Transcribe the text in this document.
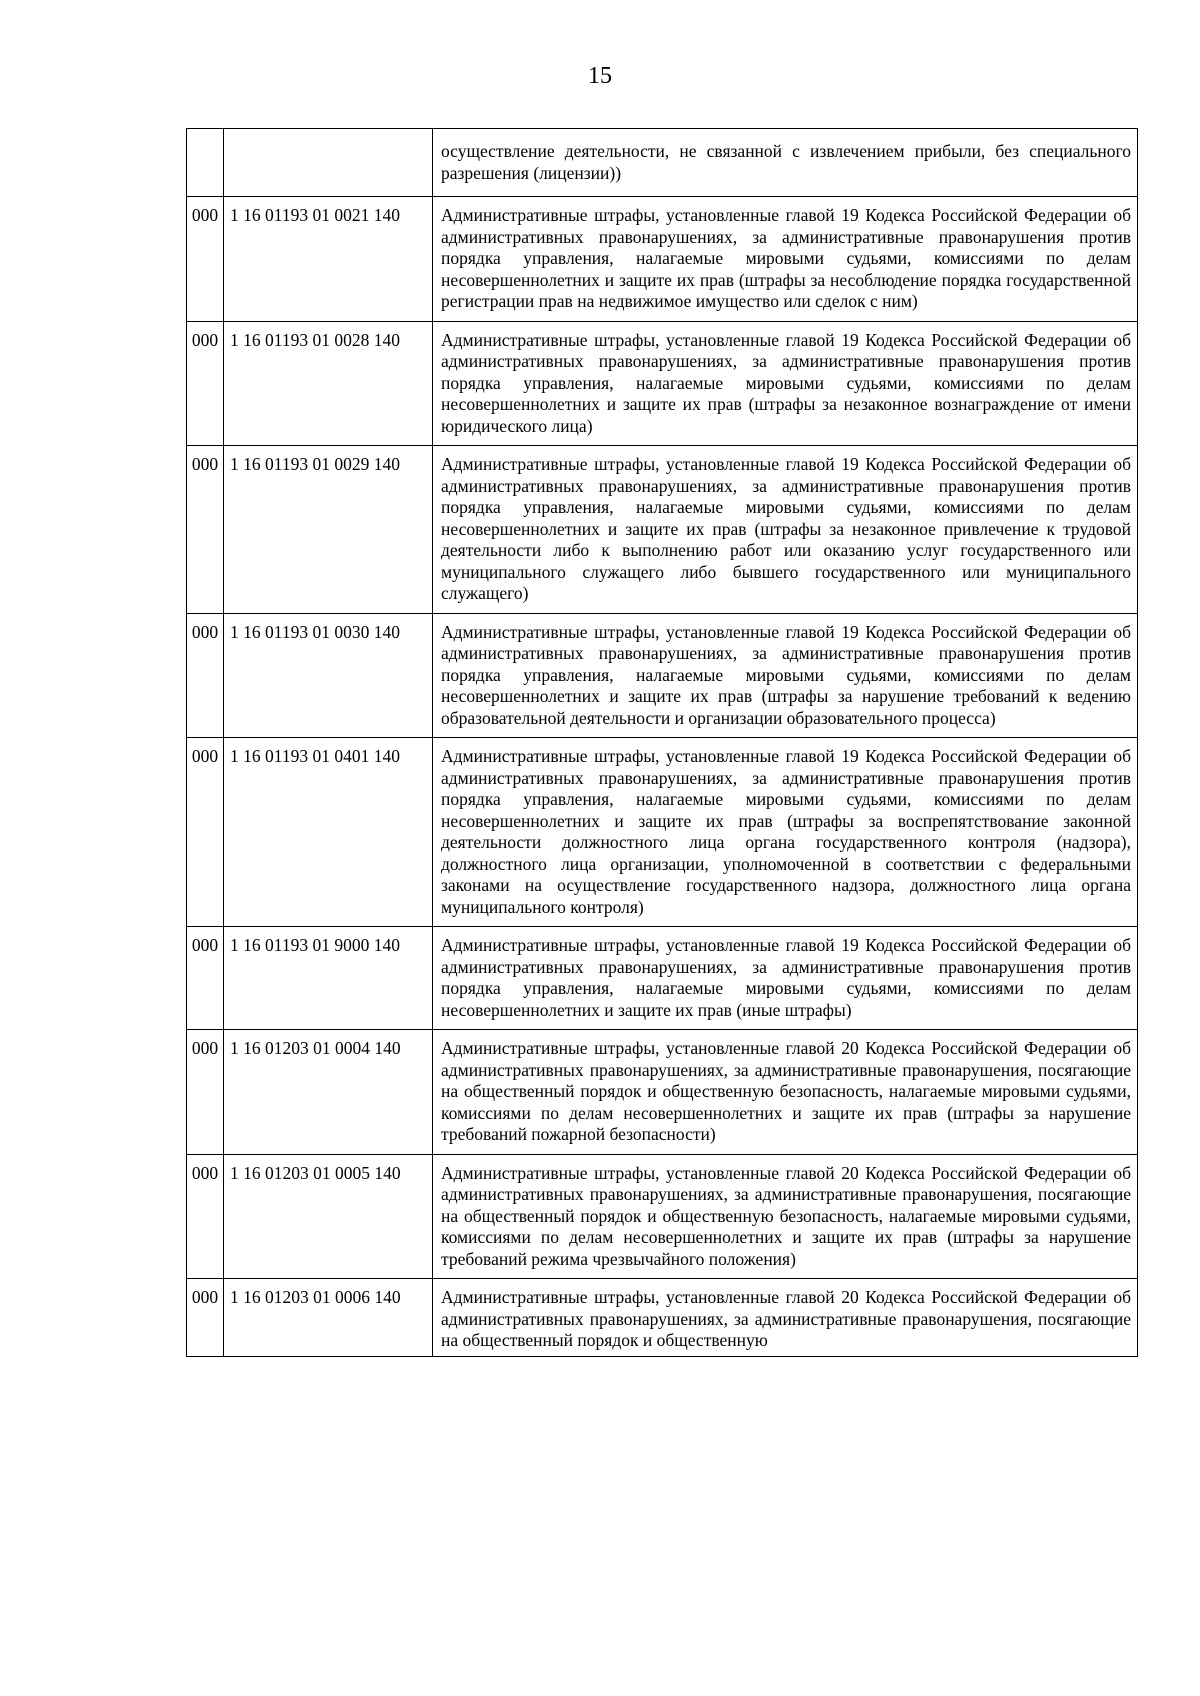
15
		осуществление деятельности, не связанной с извлечением прибыли, без специального разрешения (лицензии))
000	1 16 01193 01 0021 140	Административные штрафы, установленные главой 19 Кодекса Российской Федерации об административных правонарушениях, за административные правонарушения против порядка управления, налагаемые мировыми судьями, комиссиями по делам несовершеннолетних и защите их прав (штрафы за несоблюдение порядка государственной регистрации прав на недвижимое имущество или сделок с ним)
000	1 16 01193 01 0028 140	Административные штрафы, установленные главой 19 Кодекса Российской Федерации об административных правонарушениях, за административные правонарушения против порядка управления, налагаемые мировыми судьями, комиссиями по делам несовершеннолетних и защите их прав (штрафы за незаконное вознаграждение от имени юридического лица)
000	1 16 01193 01 0029 140	Административные штрафы, установленные главой 19 Кодекса Российской Федерации об административных правонарушениях, за административные правонарушения против порядка управления, налагаемые мировыми судьями, комиссиями по делам несовершеннолетних и защите их прав (штрафы за незаконное привлечение к трудовой деятельности либо к выполнению работ или оказанию услуг государственного или муниципального служащего либо бывшего государственного или муниципального служащего)
000	1 16 01193 01 0030 140	Административные штрафы, установленные главой 19 Кодекса Российской Федерации об административных правонарушениях, за административные правонарушения против порядка управления, налагаемые мировыми судьями, комиссиями по делам несовершеннолетних и защите их прав (штрафы за нарушение требований к ведению образовательной деятельности и организации образовательного процесса)
000	1 16 01193 01 0401 140	Административные штрафы, установленные главой 19 Кодекса Российской Федерации об административных правонарушениях, за административные правонарушения против порядка управления, налагаемые мировыми судьями, комиссиями по делам несовершеннолетних и защите их прав (штрафы за воспрепятствование законной деятельности должностного лица органа государственного контроля (надзора), должностного лица организации, уполномоченной в соответствии с федеральными законами на осуществление государственного надзора, должностного лица органа муниципального контроля)
000	1 16 01193 01 9000 140	Административные штрафы, установленные главой 19 Кодекса Российской Федерации об административных правонарушениях, за административные правонарушения против порядка управления, налагаемые мировыми судьями, комиссиями по делам несовершеннолетних и защите их прав (иные штрафы)
000	1 16 01203 01 0004 140	Административные штрафы, установленные главой 20 Кодекса Российской Федерации об административных правонарушениях, за административные правонарушения, посягающие на общественный порядок и общественную безопасность, налагаемые мировыми судьями, комиссиями по делам несовершеннолетних и защите их прав (штрафы за нарушение требований пожарной безопасности)
000	1 16 01203 01 0005 140	Административные штрафы, установленные главой 20 Кодекса Российской Федерации об административных правонарушениях, за административные правонарушения, посягающие на общественный порядок и общественную безопасность, налагаемые мировыми судьями, комиссиями по делам несовершеннолетних и защите их прав (штрафы за нарушение требований режима чрезвычайного положения)
000	1 16 01203 01 0006 140	Административные штрафы, установленные главой 20 Кодекса Российской Федерации об административных правонарушениях, за административные правонарушения, посягающие на общественный порядок и общественную
